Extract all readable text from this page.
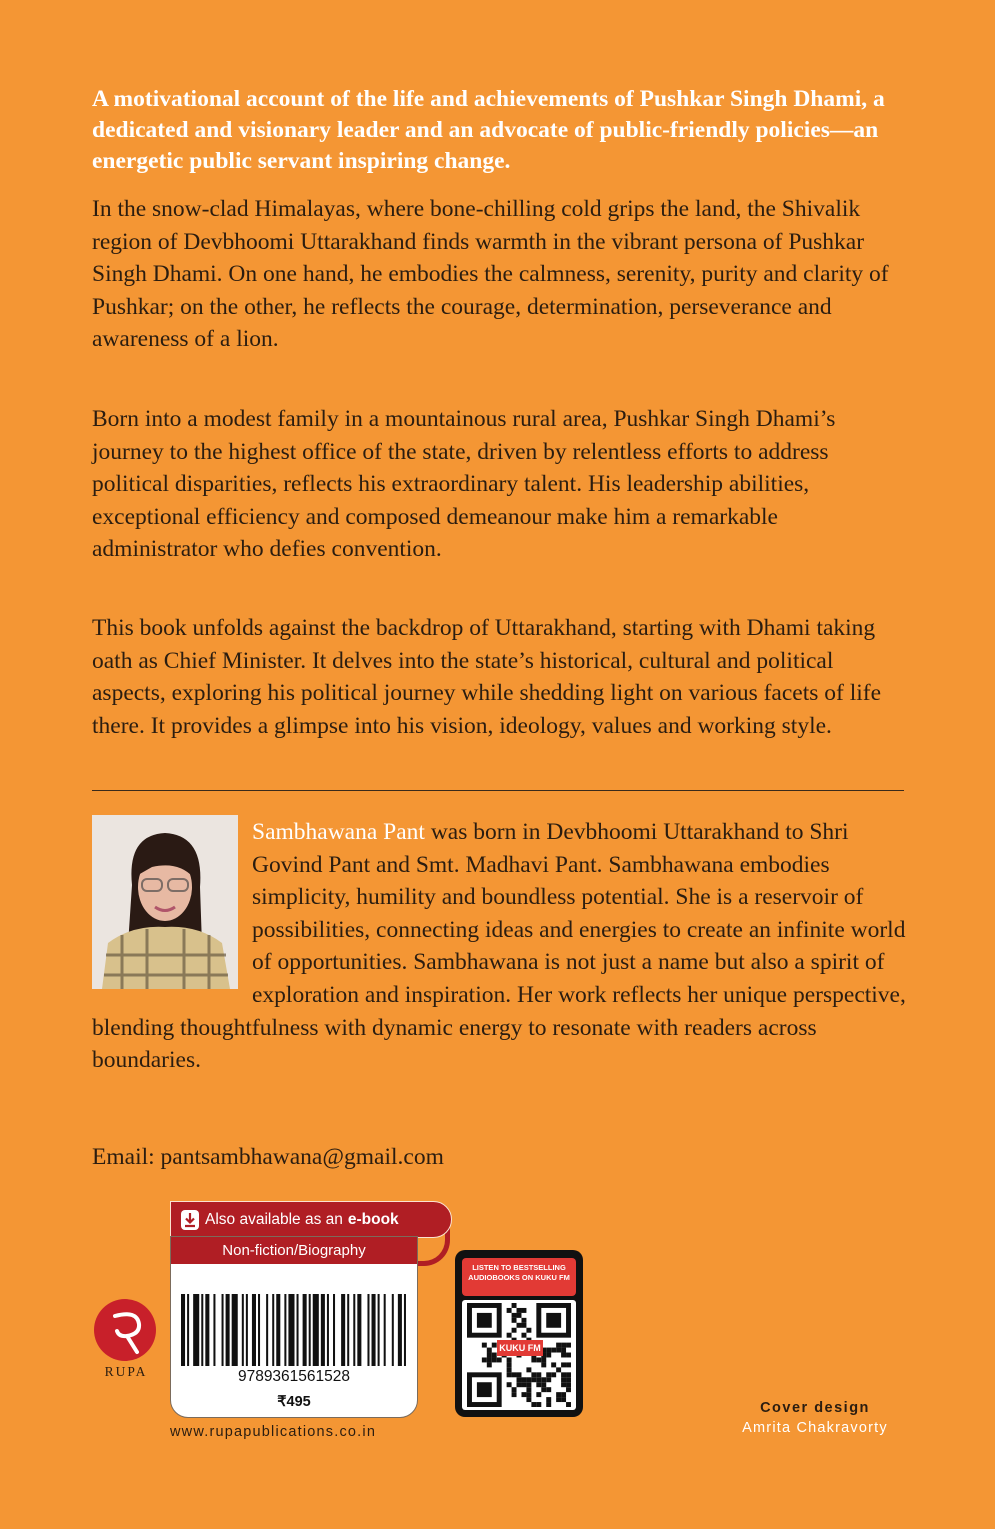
A motivational account of the life and achievements of Pushkar Singh Dhami, a dedicated and visionary leader and an advocate of public-friendly policies—an energetic public servant inspiring change.

In the snow-clad Himalayas, where bone-chilling cold grips the land, the Shivalik region of Devbhoomi Uttarakhand finds warmth in the vibrant persona of Pushkar Singh Dhami. On one hand, he embodies the calmness, serenity, purity and clarity of Pushkar; on the other, he reflects the courage, determination, perseverance and awareness of a lion.

Born into a modest family in a mountainous rural area, Pushkar Singh Dhami’s journey to the highest office of the state, driven by relentless efforts to address political disparities, reflects his extraordinary talent. His leadership abilities, exceptional efficiency and composed demeanour make him a remarkable administrator who defies convention.

This book unfolds against the backdrop of Uttarakhand, starting with Dhami taking oath as Chief Minister. It delves into the state’s historical, cultural and political aspects, exploring his political journey while shedding light on various facets of life there. It provides a glimpse into his vision, ideology, values and working style.

Sambhawana Pant was born in Devbhoomi Uttarakhand to Shri Govind Pant and Smt. Madhavi Pant. Sambhawana embodies simplicity, humility and boundless potential. She is a reservoir of possibilities, connecting ideas and energies to create an infinite world of opportunities. Sambhawana is not just a name but also a spirit of exploration and inspiration. Her work reflects her unique perspective, blending thoughtfulness with dynamic energy to resonate with readers across boundaries.

Email: pantsambhawana@gmail.com
Also available as an e-book
Non-fiction/Biography
9789361561528
₹495
RUPA
www.rupapublications.co.in
LISTEN TO BESTSELLING AUDIOBOOKS ON KUKU FM
KUKU FM
Cover design
Amrita Chakravorty
